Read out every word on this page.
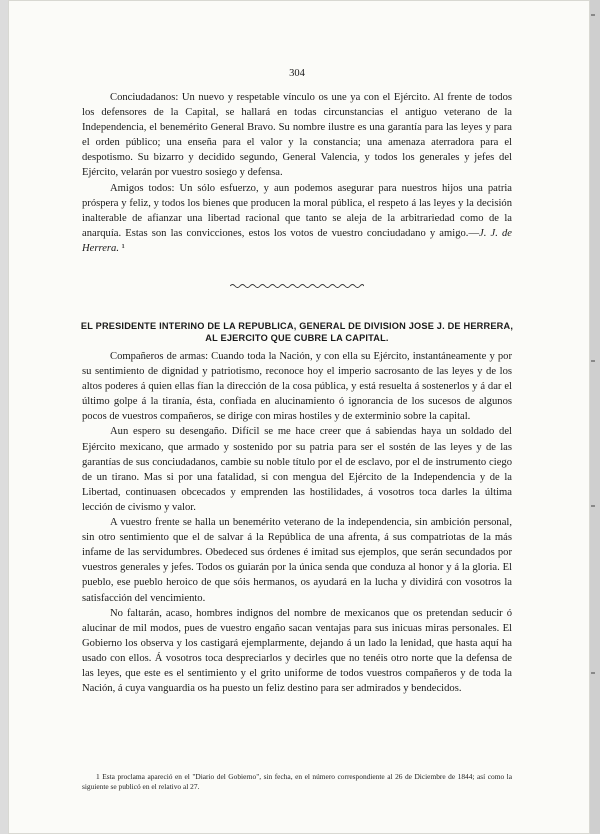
304

Conciudadanos: Un nuevo y respetable vínculo os une ya con el Ejército. Al frente de todos los defensores de la Capital, se hallará en todas circunstancias el antiguo veterano de la Independencia, el benemérito General Bravo. Su nombre ilustre es una garantía para las leyes y para el orden público; una enseña para el valor y la constancia; una amenaza aterradora para el despotismo. Su bizarro y decidido segundo, General Valencia, y todos los generales y jefes del Ejército, velarán por vuestro sosiego y defensa.

Amigos todos: Un sólo esfuerzo, y aun podemos asegurar para nuestros hijos una patria próspera y feliz, y todos los bienes que producen la moral pública, el respeto á las leyes y la decisión inalterable de afianzar una libertad racional que tanto se aleja de la arbitrariedad como de la anarquía. Estas son las convicciones, estos los votos de vuestro conciudadano y amigo.—J. J. de Herrera. ¹

EL PRESIDENTE INTERINO DE LA REPUBLICA, GENERAL DE DIVISION JOSE J. DE HERRERA,
AL EJERCITO QUE CUBRE LA CAPITAL.

Compañeros de armas: Cuando toda la Nación, y con ella su Ejército, instantáneamente y por su sentimiento de dignidad y patriotismo, reconoce hoy el imperio sacrosanto de las leyes y de los altos poderes á quien ellas fían la dirección de la cosa pública, y está resuelta á sostenerlos y á dar el último golpe á la tiranía, ésta, confiada en alucinamiento ó ignorancia de los sucesos de algunos pocos de vuestros compañeros, se dirige con miras hostiles y de exterminio sobre la capital.

Aun espero su desengaño. Difícil se me hace creer que á sabiendas haya un soldado del Ejército mexicano, que armado y sostenido por su patria para ser el sostén de las leyes y de las garantías de sus conciudadanos, cambie su noble título por el de esclavo, por el de instrumento ciego de un tirano. Mas si por una fatalidad, si con mengua del Ejército de la Independencia y de la Libertad, continuasen obcecados y emprenden las hostilidades, á vosotros toca darles la última lección de civismo y valor.

A vuestro frente se halla un benemérito veterano de la independencia, sin ambición personal, sin otro sentimiento que el de salvar á la República de una afrenta, á sus compatriotas de la más infame de las servidumbres. Obedeced sus órdenes é imitad sus ejemplos, que serán secundados por vuestros generales y jefes. Todos os guiarán por la única senda que conduza al honor y á la gloria. El pueblo, ese pueblo heroico de que sóis hermanos, os ayudará en la lucha y dividirá con vosotros la satisfacción del vencimiento.

No faltarán, acaso, hombres indignos del nombre de mexicanos que os pretendan seducir ó alucinar de mil modos, pues de vuestro engaño sacan ventajas para sus inicuas miras personales. El Gobierno los observa y los castigará ejemplarmente, dejando á un lado la lenidad, que hasta aquí ha usado con ellos. Á vosotros toca despreciarlos y decirles que no tenéis otro norte que la defensa de las leyes, que este es el sentimiento y el grito uniforme de todos vuestros compañeros y de toda la Nación, á cuya vanguardia os ha puesto un feliz destino para ser admirados y bendecidos.

1 Esta proclama apareció en el "Diario del Gobierno", sin fecha, en el número correspondiente al 26 de Diciembre de 1844; así como la siguiente se publicó en el relativo al 27.
